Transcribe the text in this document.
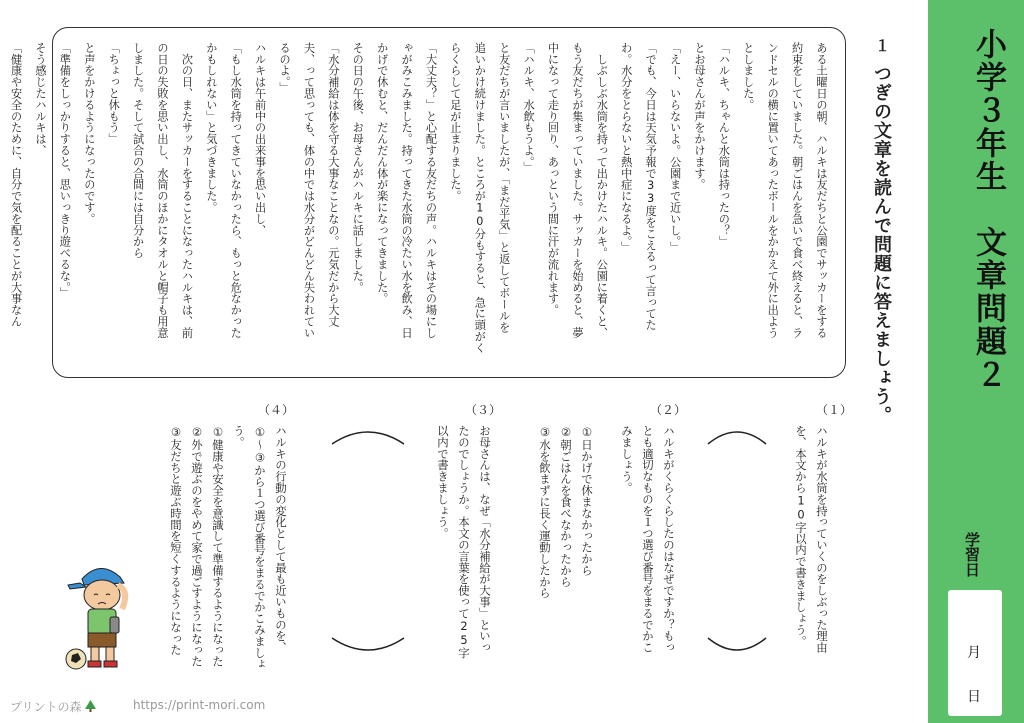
小学３年生　文章問題２
学習日
月
日
１
つぎの文章を読んで問題に答えましょう。
ある土曜日の朝、ハルキは友だちと公園でサッカーをする
約束をしていました。朝ごはんを急いで食べ終えると、ラ
ンドセルの横に置いてあったボールをかかえて外に出よう
としました。
「ハルキ、ちゃんと水筒は持ったの？」
とお母さんが声をかけます。
「えー、いらないよ。公園まで近いし。」
「でも、今日は天気予報で33度をこえるって言ってた
わ。水分をとらないと熱中症になるよ。」
　しぶしぶ水筒を持って出かけたハルキ。公園に着くと、
もう友だちが集まっていました。サッカーを始めると、夢
中になって走り回り、あっという間に汗が流れます。
「ハルキ、水飲もうよ。」
と友だちが言いましたが、「まだ平気」と返してボールを
追いかけ続けました。ところが10分もすると、急に頭がく
らくらして足が止まりました。
「大丈夫？」と心配する友だちの声。ハルキはその場にし
ゃがみこみました。持ってきた水筒の冷たい水を飲み、日
かげで休むと、だんだん体が楽になってきました。
その日の午後、お母さんがハルキに話しました。
「水分補給は体を守る大事なことなの。元気だから大丈
夫、って思っても、体の中では水分がどんどん失われてい
るのよ。」
ハルキは午前中の出来事を思い出し、
「もし水筒を持ってきていなかったら、もっと危なかった
かもしれない」と気づきました。
　次の日、またサッカーをすることになったハルキは、前
の日の失敗を思い出し、水筒のほかにタオルと帽子も用意
しました。そして試合の合間には自分から
「ちょっと休もう」
と声をかけるようになったのです。
「準備をしっかりすると、思いっきり遊べるな。」
そう感じたハルキは、
「健康や安全のために、自分で気を配ることが大事なん
（１）
ハルキが水筒を持っていくのをしぶった理由
を、本文から10字以内で書きましょう。
（２）
ハルキがくらくらしたのはなぜですか？もっ
とも適切なものを１つ選び番号をまるでかこ
みましょう。
①日かげで休まなかったから
②朝ごはんを食べなかったから
③水を飲まずに長く運動したから
（３）
お母さんは、なぜ「水分補給が大事」といっ
たのでしょうか。本文の言葉を使って25字
以内で書きましょう。
（４）
ハルキの行動の変化として最も近いものを、
①〜③から１つ選び番号をまるでかこみましょ
う。
①健康や安全を意識して準備するようになった
②外で遊ぶのをやめて家で過ごすようになった
③友だちと遊ぶ時間を短くするようになった
プリントの森	https://print-mori.com
